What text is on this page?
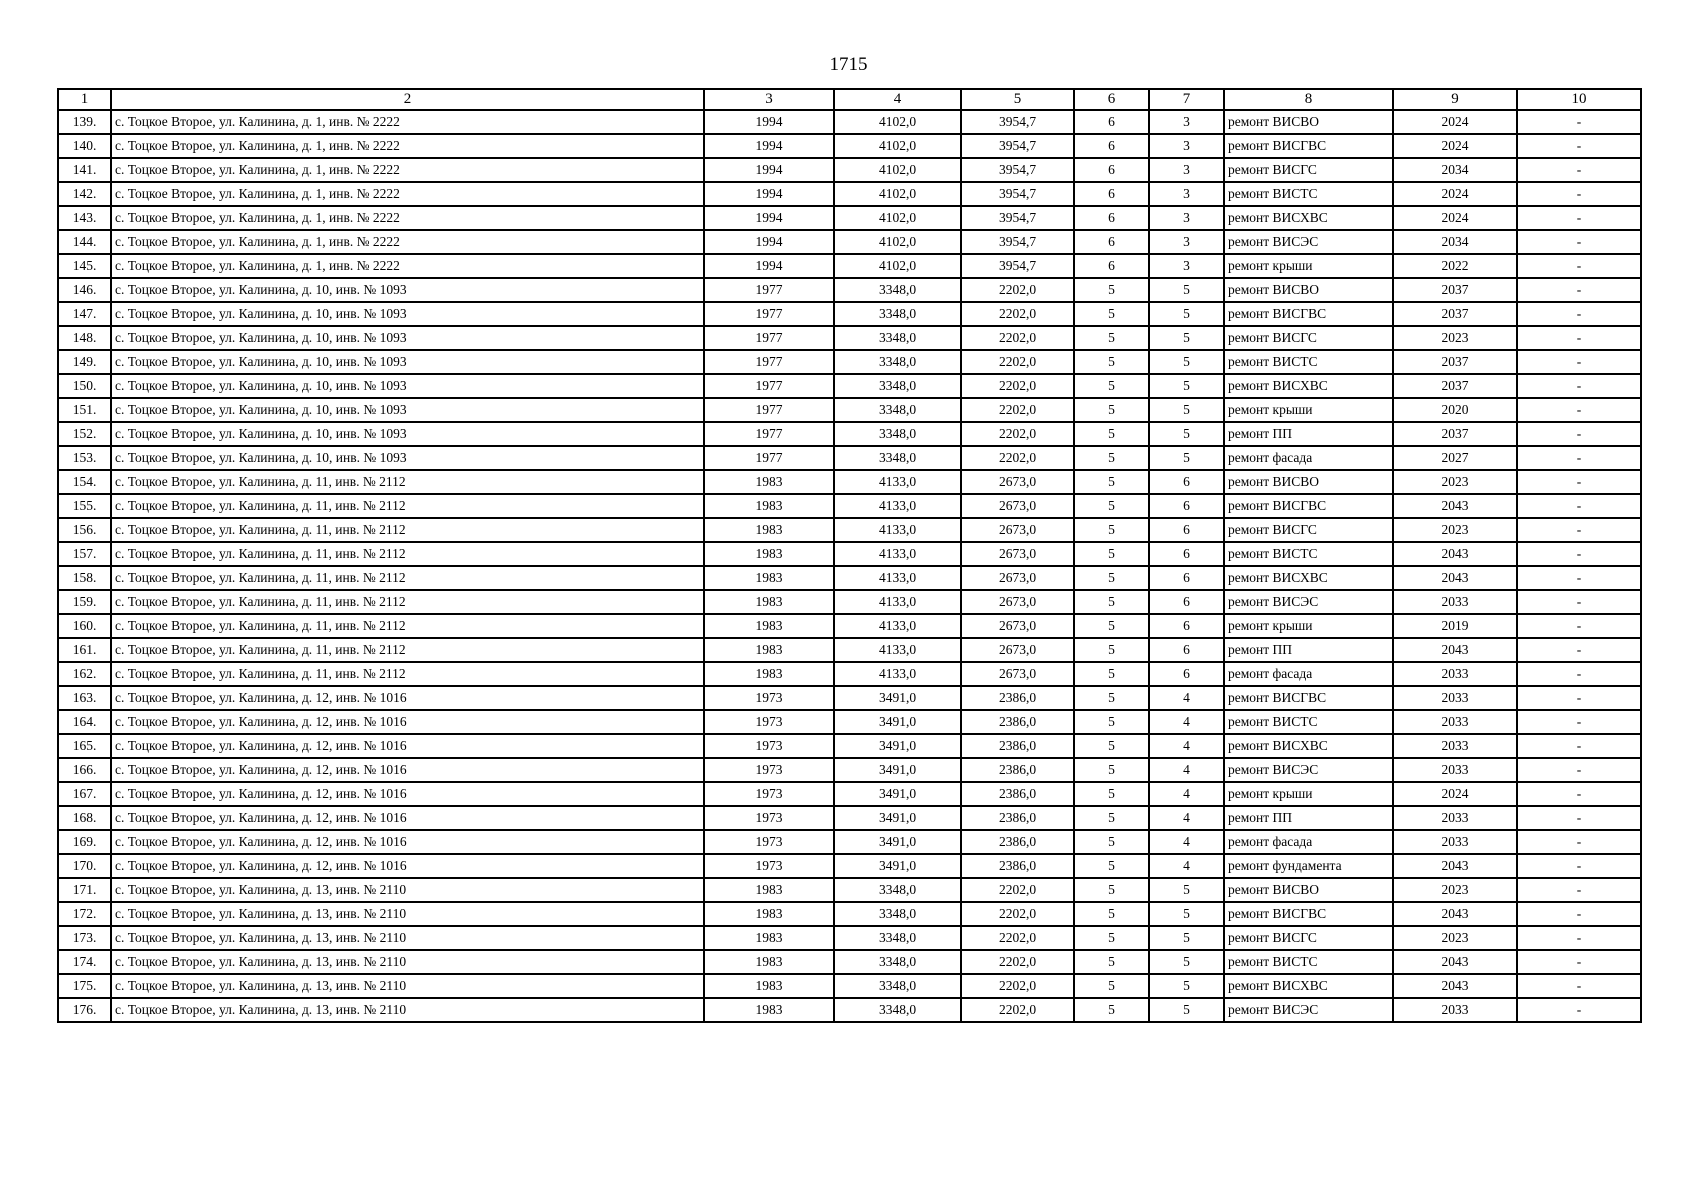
1715
1	2	3	4	5	6	7	8	9	10
139.	с. Тоцкое Второе, ул. Калинина, д. 1, инв. № 2222	1994	4102,0	3954,7	6	3	ремонт ВИСВО	2024	-
140.	с. Тоцкое Второе, ул. Калинина, д. 1, инв. № 2222	1994	4102,0	3954,7	6	3	ремонт ВИСГВС	2024	-
141.	с. Тоцкое Второе, ул. Калинина, д. 1, инв. № 2222	1994	4102,0	3954,7	6	3	ремонт ВИСГС	2034	-
142.	с. Тоцкое Второе, ул. Калинина, д. 1, инв. № 2222	1994	4102,0	3954,7	6	3	ремонт ВИСТС	2024	-
143.	с. Тоцкое Второе, ул. Калинина, д. 1, инв. № 2222	1994	4102,0	3954,7	6	3	ремонт ВИСХВС	2024	-
144.	с. Тоцкое Второе, ул. Калинина, д. 1, инв. № 2222	1994	4102,0	3954,7	6	3	ремонт ВИСЭС	2034	-
145.	с. Тоцкое Второе, ул. Калинина, д. 1, инв. № 2222	1994	4102,0	3954,7	6	3	ремонт крыши	2022	-
146.	с. Тоцкое Второе, ул. Калинина, д. 10, инв. № 1093	1977	3348,0	2202,0	5	5	ремонт ВИСВО	2037	-
147.	с. Тоцкое Второе, ул. Калинина, д. 10, инв. № 1093	1977	3348,0	2202,0	5	5	ремонт ВИСГВС	2037	-
148.	с. Тоцкое Второе, ул. Калинина, д. 10, инв. № 1093	1977	3348,0	2202,0	5	5	ремонт ВИСГС	2023	-
149.	с. Тоцкое Второе, ул. Калинина, д. 10, инв. № 1093	1977	3348,0	2202,0	5	5	ремонт ВИСТС	2037	-
150.	с. Тоцкое Второе, ул. Калинина, д. 10, инв. № 1093	1977	3348,0	2202,0	5	5	ремонт ВИСХВС	2037	-
151.	с. Тоцкое Второе, ул. Калинина, д. 10, инв. № 1093	1977	3348,0	2202,0	5	5	ремонт крыши	2020	-
152.	с. Тоцкое Второе, ул. Калинина, д. 10, инв. № 1093	1977	3348,0	2202,0	5	5	ремонт ПП	2037	-
153.	с. Тоцкое Второе, ул. Калинина, д. 10, инв. № 1093	1977	3348,0	2202,0	5	5	ремонт фасада	2027	-
154.	с. Тоцкое Второе, ул. Калинина, д. 11, инв. № 2112	1983	4133,0	2673,0	5	6	ремонт ВИСВО	2023	-
155.	с. Тоцкое Второе, ул. Калинина, д. 11, инв. № 2112	1983	4133,0	2673,0	5	6	ремонт ВИСГВС	2043	-
156.	с. Тоцкое Второе, ул. Калинина, д. 11, инв. № 2112	1983	4133,0	2673,0	5	6	ремонт ВИСГС	2023	-
157.	с. Тоцкое Второе, ул. Калинина, д. 11, инв. № 2112	1983	4133,0	2673,0	5	6	ремонт ВИСТС	2043	-
158.	с. Тоцкое Второе, ул. Калинина, д. 11, инв. № 2112	1983	4133,0	2673,0	5	6	ремонт ВИСХВС	2043	-
159.	с. Тоцкое Второе, ул. Калинина, д. 11, инв. № 2112	1983	4133,0	2673,0	5	6	ремонт ВИСЭС	2033	-
160.	с. Тоцкое Второе, ул. Калинина, д. 11, инв. № 2112	1983	4133,0	2673,0	5	6	ремонт крыши	2019	-
161.	с. Тоцкое Второе, ул. Калинина, д. 11, инв. № 2112	1983	4133,0	2673,0	5	6	ремонт ПП	2043	-
162.	с. Тоцкое Второе, ул. Калинина, д. 11, инв. № 2112	1983	4133,0	2673,0	5	6	ремонт фасада	2033	-
163.	с. Тоцкое Второе, ул. Калинина, д. 12, инв. № 1016	1973	3491,0	2386,0	5	4	ремонт ВИСГВС	2033	-
164.	с. Тоцкое Второе, ул. Калинина, д. 12, инв. № 1016	1973	3491,0	2386,0	5	4	ремонт ВИСТС	2033	-
165.	с. Тоцкое Второе, ул. Калинина, д. 12, инв. № 1016	1973	3491,0	2386,0	5	4	ремонт ВИСХВС	2033	-
166.	с. Тоцкое Второе, ул. Калинина, д. 12, инв. № 1016	1973	3491,0	2386,0	5	4	ремонт ВИСЭС	2033	-
167.	с. Тоцкое Второе, ул. Калинина, д. 12, инв. № 1016	1973	3491,0	2386,0	5	4	ремонт крыши	2024	-
168.	с. Тоцкое Второе, ул. Калинина, д. 12, инв. № 1016	1973	3491,0	2386,0	5	4	ремонт ПП	2033	-
169.	с. Тоцкое Второе, ул. Калинина, д. 12, инв. № 1016	1973	3491,0	2386,0	5	4	ремонт фасада	2033	-
170.	с. Тоцкое Второе, ул. Калинина, д. 12, инв. № 1016	1973	3491,0	2386,0	5	4	ремонт фундамента	2043	-
171.	с. Тоцкое Второе, ул. Калинина, д. 13, инв. № 2110	1983	3348,0	2202,0	5	5	ремонт ВИСВО	2023	-
172.	с. Тоцкое Второе, ул. Калинина, д. 13, инв. № 2110	1983	3348,0	2202,0	5	5	ремонт ВИСГВС	2043	-
173.	с. Тоцкое Второе, ул. Калинина, д. 13, инв. № 2110	1983	3348,0	2202,0	5	5	ремонт ВИСГС	2023	-
174.	с. Тоцкое Второе, ул. Калинина, д. 13, инв. № 2110	1983	3348,0	2202,0	5	5	ремонт ВИСТС	2043	-
175.	с. Тоцкое Второе, ул. Калинина, д. 13, инв. № 2110	1983	3348,0	2202,0	5	5	ремонт ВИСХВС	2043	-
176.	с. Тоцкое Второе, ул. Калинина, д. 13, инв. № 2110	1983	3348,0	2202,0	5	5	ремонт ВИСЭС	2033	-
